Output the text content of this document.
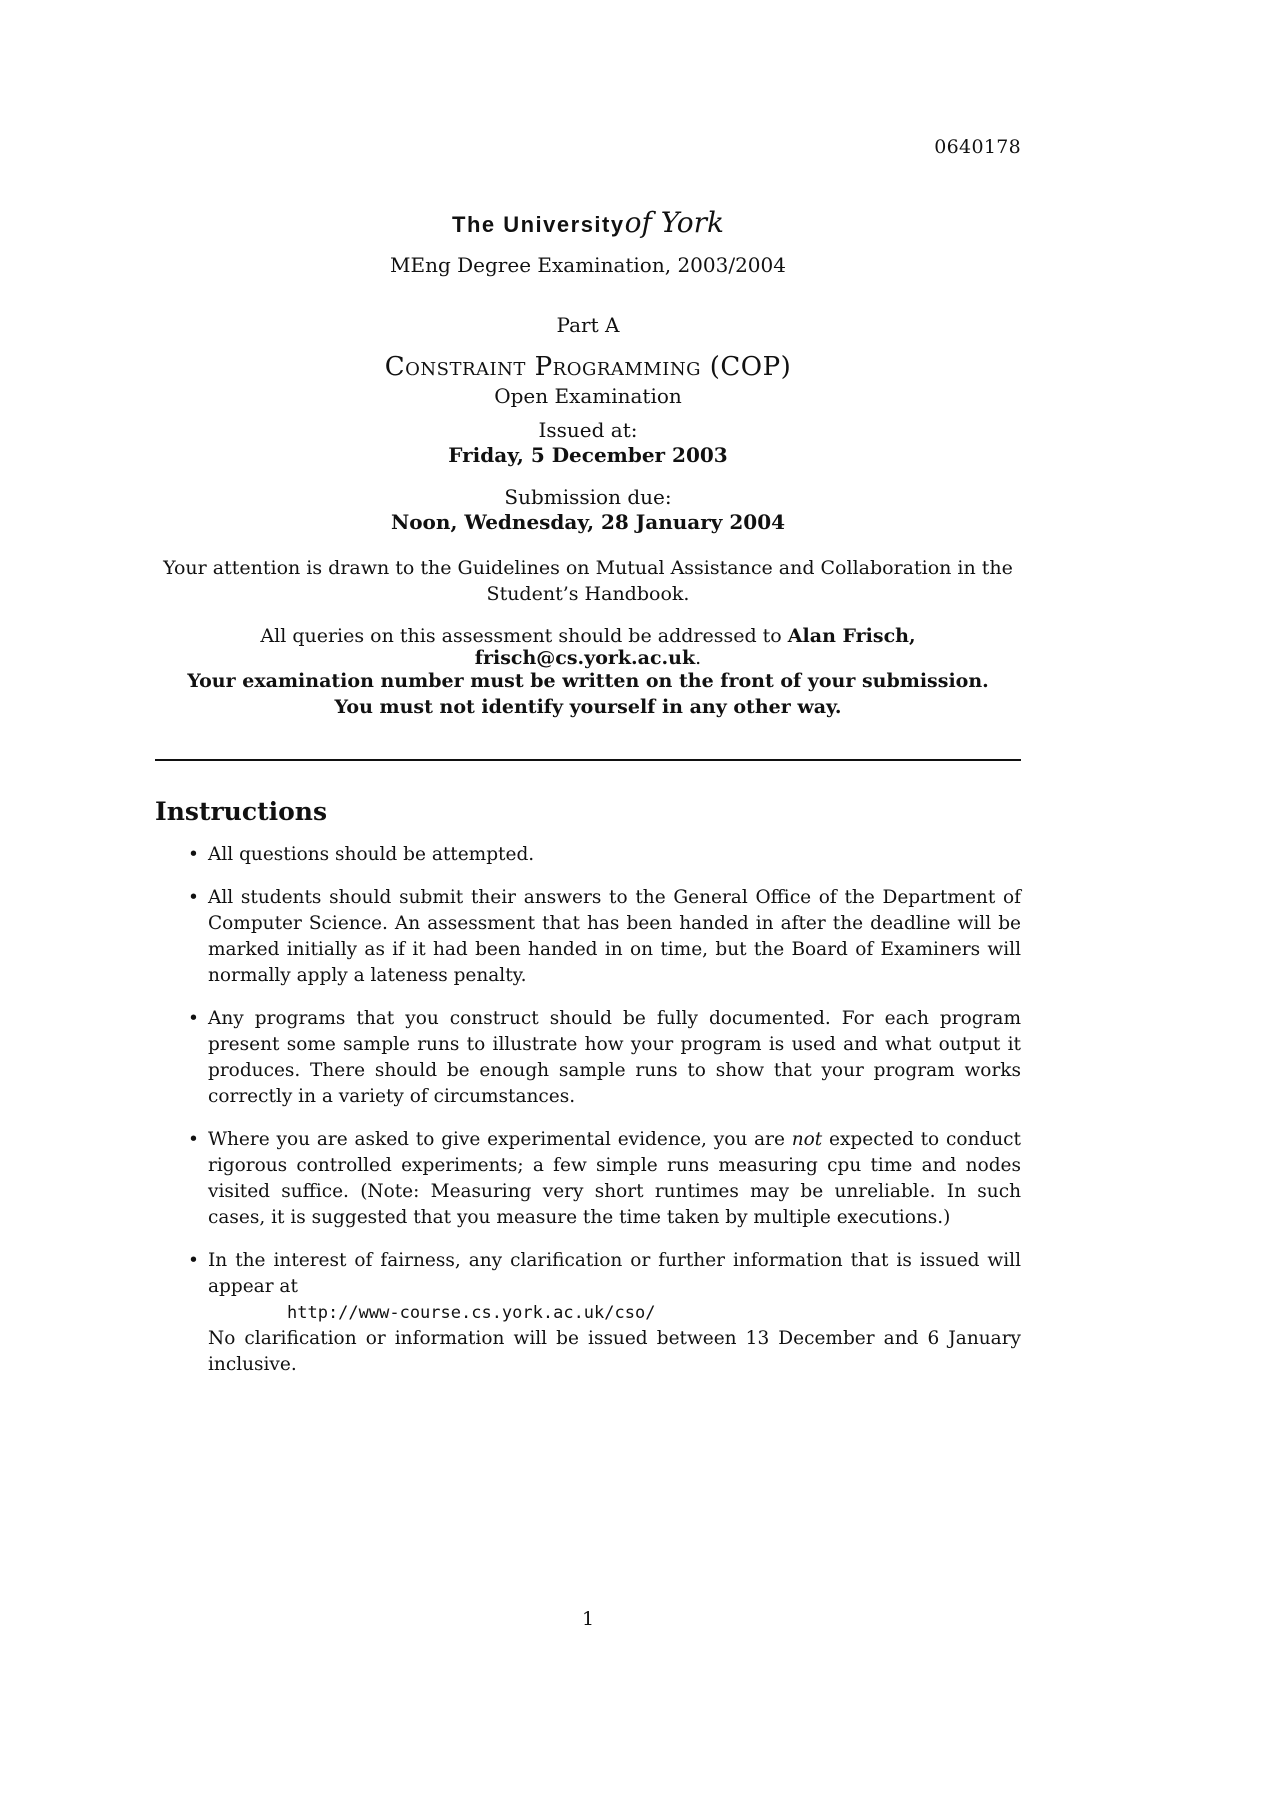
0640178
The Universityof York
MEng Degree Examination, 2003/2004
Part A
Constraint Programming (COP)
Open Examination
Issued at:
Friday, 5 December 2003
Submission due:
Noon, Wednesday, 28 January 2004
Your attention is drawn to the Guidelines on Mutual Assistance and Collaboration in the
Student’s Handbook.
All queries on this assessment should be addressed to Alan Frisch, frisch@cs.york.ac.uk.
Your examination number must be written on the front of your submission.
You must not identify yourself in any other way.
Instructions
• All questions should be attempted.
• All students should submit their answers to the General Office of the Department of Computer Science. An assessment that has been handed in after the deadline will be marked initially as if it had been handed in on time, but the Board of Examiners will normally apply a lateness penalty.
• Any programs that you construct should be fully documented. For each program present some sample runs to illustrate how your program is used and what output it produces. There should be enough sample runs to show that your program works correctly in a variety of circumstances.
• Where you are asked to give experimental evidence, you are not expected to conduct rigorous controlled experiments; a few simple runs measuring cpu time and nodes visited suffice. (Note: Measuring very short runtimes may be unreliable. In such cases, it is suggested that you measure the time taken by multiple executions.)
• In the interest of fairness, any clarification or further information that is issued will appear at
http://www-course.cs.york.ac.uk/cso/
No clarification or information will be issued between 13 December and 6 January inclusive.
1
